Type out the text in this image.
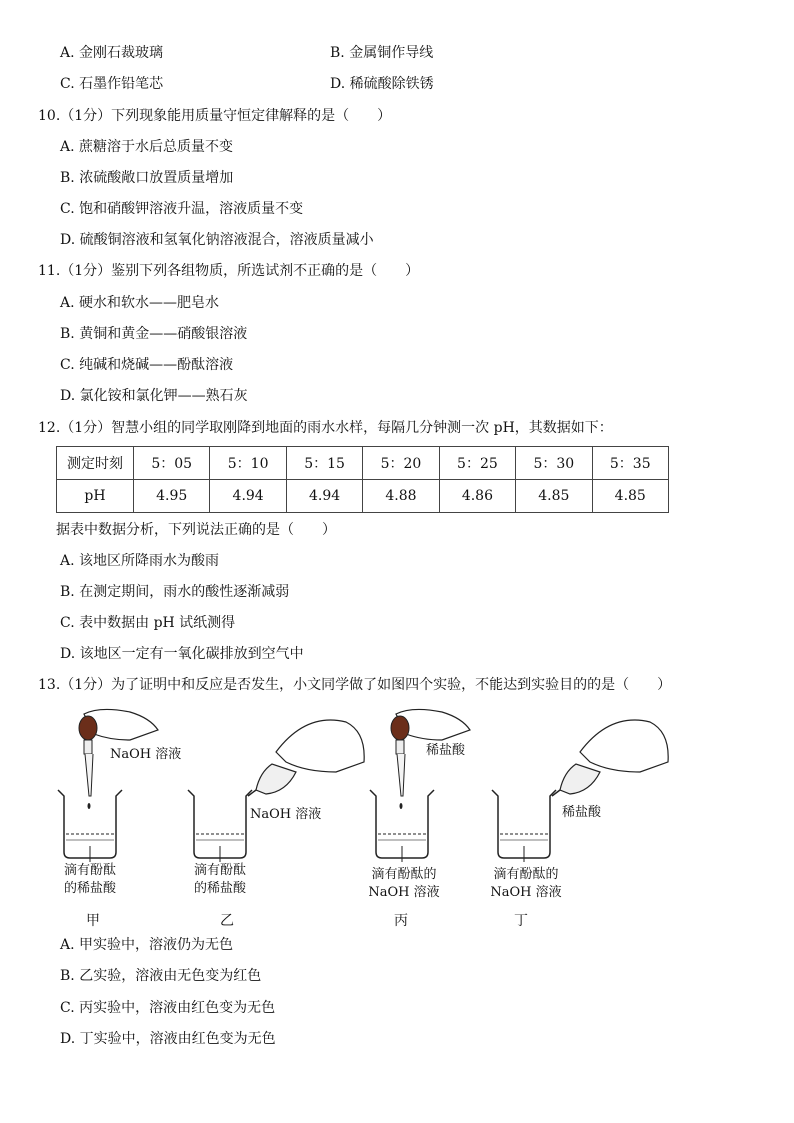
A. 金刚石裁玻璃	B. 金属铜作导线
C. 石墨作铅笔芯	D. 稀硫酸除铁锈
10.（1分）下列现象能用质量守恒定律解释的是（　　）
A. 蔗糖溶于水后总质量不变
B. 浓硫酸敞口放置质量增加
C. 饱和硝酸钾溶液升温，溶液质量不变
D. 硫酸铜溶液和氢氧化钠溶液混合，溶液质量减小
11.（1分）鉴别下列各组物质，所选试剂不正确的是（　　）
A. 硬水和软水——肥皂水
B. 黄铜和黄金——硝酸银溶液
C. 纯碱和烧碱——酚酞溶液
D. 氯化铵和氯化钾——熟石灰
12.（1分）智慧小组的同学取刚降到地面的雨水水样，每隔几分钟测一次 pH，其数据如下：
测定时刻	5：05	5：10	5：15	5：20	5：25	5：30	5：35
pH	4.95	4.94	4.94	4.88	4.86	4.85	4.85
据表中数据分析，下列说法正确的是（　　）
A. 该地区所降雨水为酸雨
B. 在测定期间，雨水的酸性逐渐减弱
C. 表中数据由 pH 试纸测得
D. 该地区一定有一氧化碳排放到空气中
13.（1分）为了证明中和反应是否发生，小文同学做了如图四个实验，不能达到实验目的的是（　　）
NaOH 溶液
NaOH 溶液
稀盐酸
稀盐酸
滴有酚酞
的稀盐酸
滴有酚酞
的稀盐酸
滴有酚酞的
NaOH 溶液
滴有酚酞的
NaOH 溶液
甲	乙	丙	丁
A. 甲实验中，溶液仍为无色
B. 乙实验，溶液由无色变为红色
C. 丙实验中，溶液由红色变为无色
D. 丁实验中，溶液由红色变为无色
